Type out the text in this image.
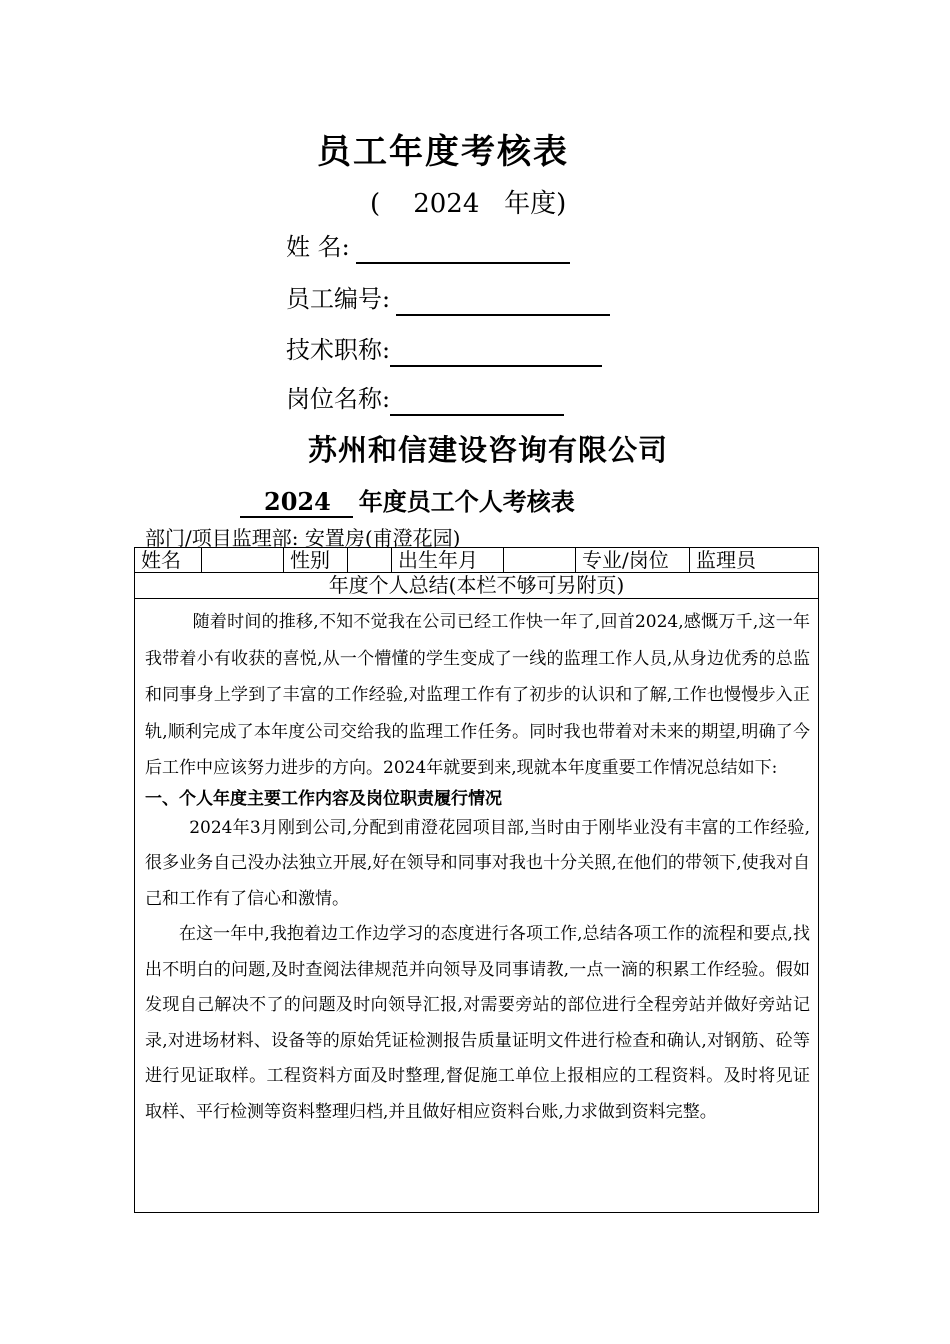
员工年度考核表
(    2024   年度)
姓 名:
员工编号:
技术职称:
岗位名称:
苏州和信建设咨询有限公司
2024 年度员工个人考核表
部门/项目监理部: 安置房(甫澄花园)
姓名	性别	出生年月	专业/岗位	监理员
年度个人总结(本栏不够可另附页)

随着时间的推移,不知不觉我在公司已经工作快一年了,回首2024,感慨万千,这一年我带着小有收获的喜悦,从一个懵懂的学生变成了一线的监理工作人员,从身边优秀的总监和同事身上学到了丰富的工作经验,对监理工作有了初步的认识和了解,工作也慢慢步入正轨,顺利完成了本年度公司交给我的监理工作任务。同时我也带着对未来的期望,明确了今后工作中应该努力进步的方向。2024年就要到来,现就本年度重要工作情况总结如下:

一、个人年度主要工作内容及岗位职责履行情况

2024年3月刚到公司,分配到甫澄花园项目部,当时由于刚毕业没有丰富的工作经验,很多业务自己没办法独立开展,好在领导和同事对我也十分关照,在他们的带领下,使我对自己和工作有了信心和激情。

在这一年中,我抱着边工作边学习的态度进行各项工作,总结各项工作的流程和要点,找出不明白的问题,及时查阅法律规范并向领导及同事请教,一点一滴的积累工作经验。假如发现自己解决不了的问题及时向领导汇报,对需要旁站的部位进行全程旁站并做好旁站记录,对进场材料、设备等的原始凭证检测报告质量证明文件进行检查和确认,对钢筋、砼等进行见证取样。工程资料方面及时整理,督促施工单位上报相应的工程资料。及时将见证取样、平行检测等资料整理归档,并且做好相应资料台账,力求做到资料完整。
